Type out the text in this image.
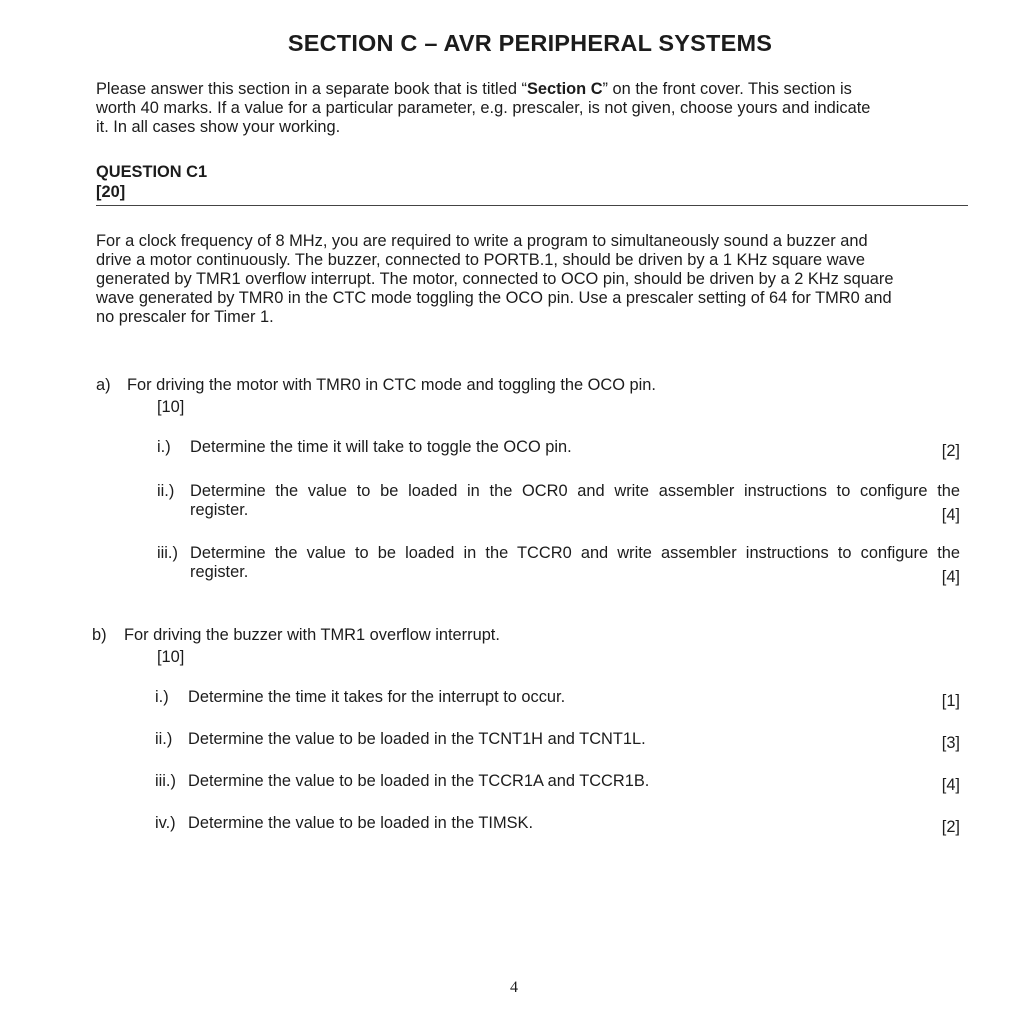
SECTION C – AVR PERIPHERAL SYSTEMS
Please answer this section in a separate book that is titled “Section C” on the front cover. This section is
worth 40 marks. If a value for a particular parameter, e.g. prescaler, is not given, choose yours and indicate
it. In all cases show your working.
QUESTION C1
[20]
For a clock frequency of 8 MHz, you are required to write a program to simultaneously sound a buzzer and
drive a motor continuously. The buzzer, connected to PORTB.1, should be driven by a 1 KHz square wave
generated by TMR1 overflow interrupt. The motor, connected to OCO pin, should be driven by a 2 KHz square
wave generated by TMR0 in the CTC mode toggling the OCO pin. Use a prescaler setting of 64 for TMR0 and
no prescaler for Timer 1.
a) For driving the motor with TMR0 in CTC mode and toggling the OCO pin.
[10]
i.) Determine the time it will take to toggle the OCO pin.	[2]
ii.) Determine the value to be loaded in the OCR0 and write assembler instructions to configure the
register.	[4]
iii.) Determine the value to be loaded in the TCCR0 and write assembler instructions to configure the
register.	[4]
b) For driving the buzzer with TMR1 overflow interrupt.
[10]
i.) Determine the time it takes for the interrupt to occur.	[1]
ii.) Determine the value to be loaded in the TCNT1H and TCNT1L.	[3]
iii.) Determine the value to be loaded in the TCCR1A and TCCR1B.	[4]
iv.) Determine the value to be loaded in the TIMSK.	[2]
4
